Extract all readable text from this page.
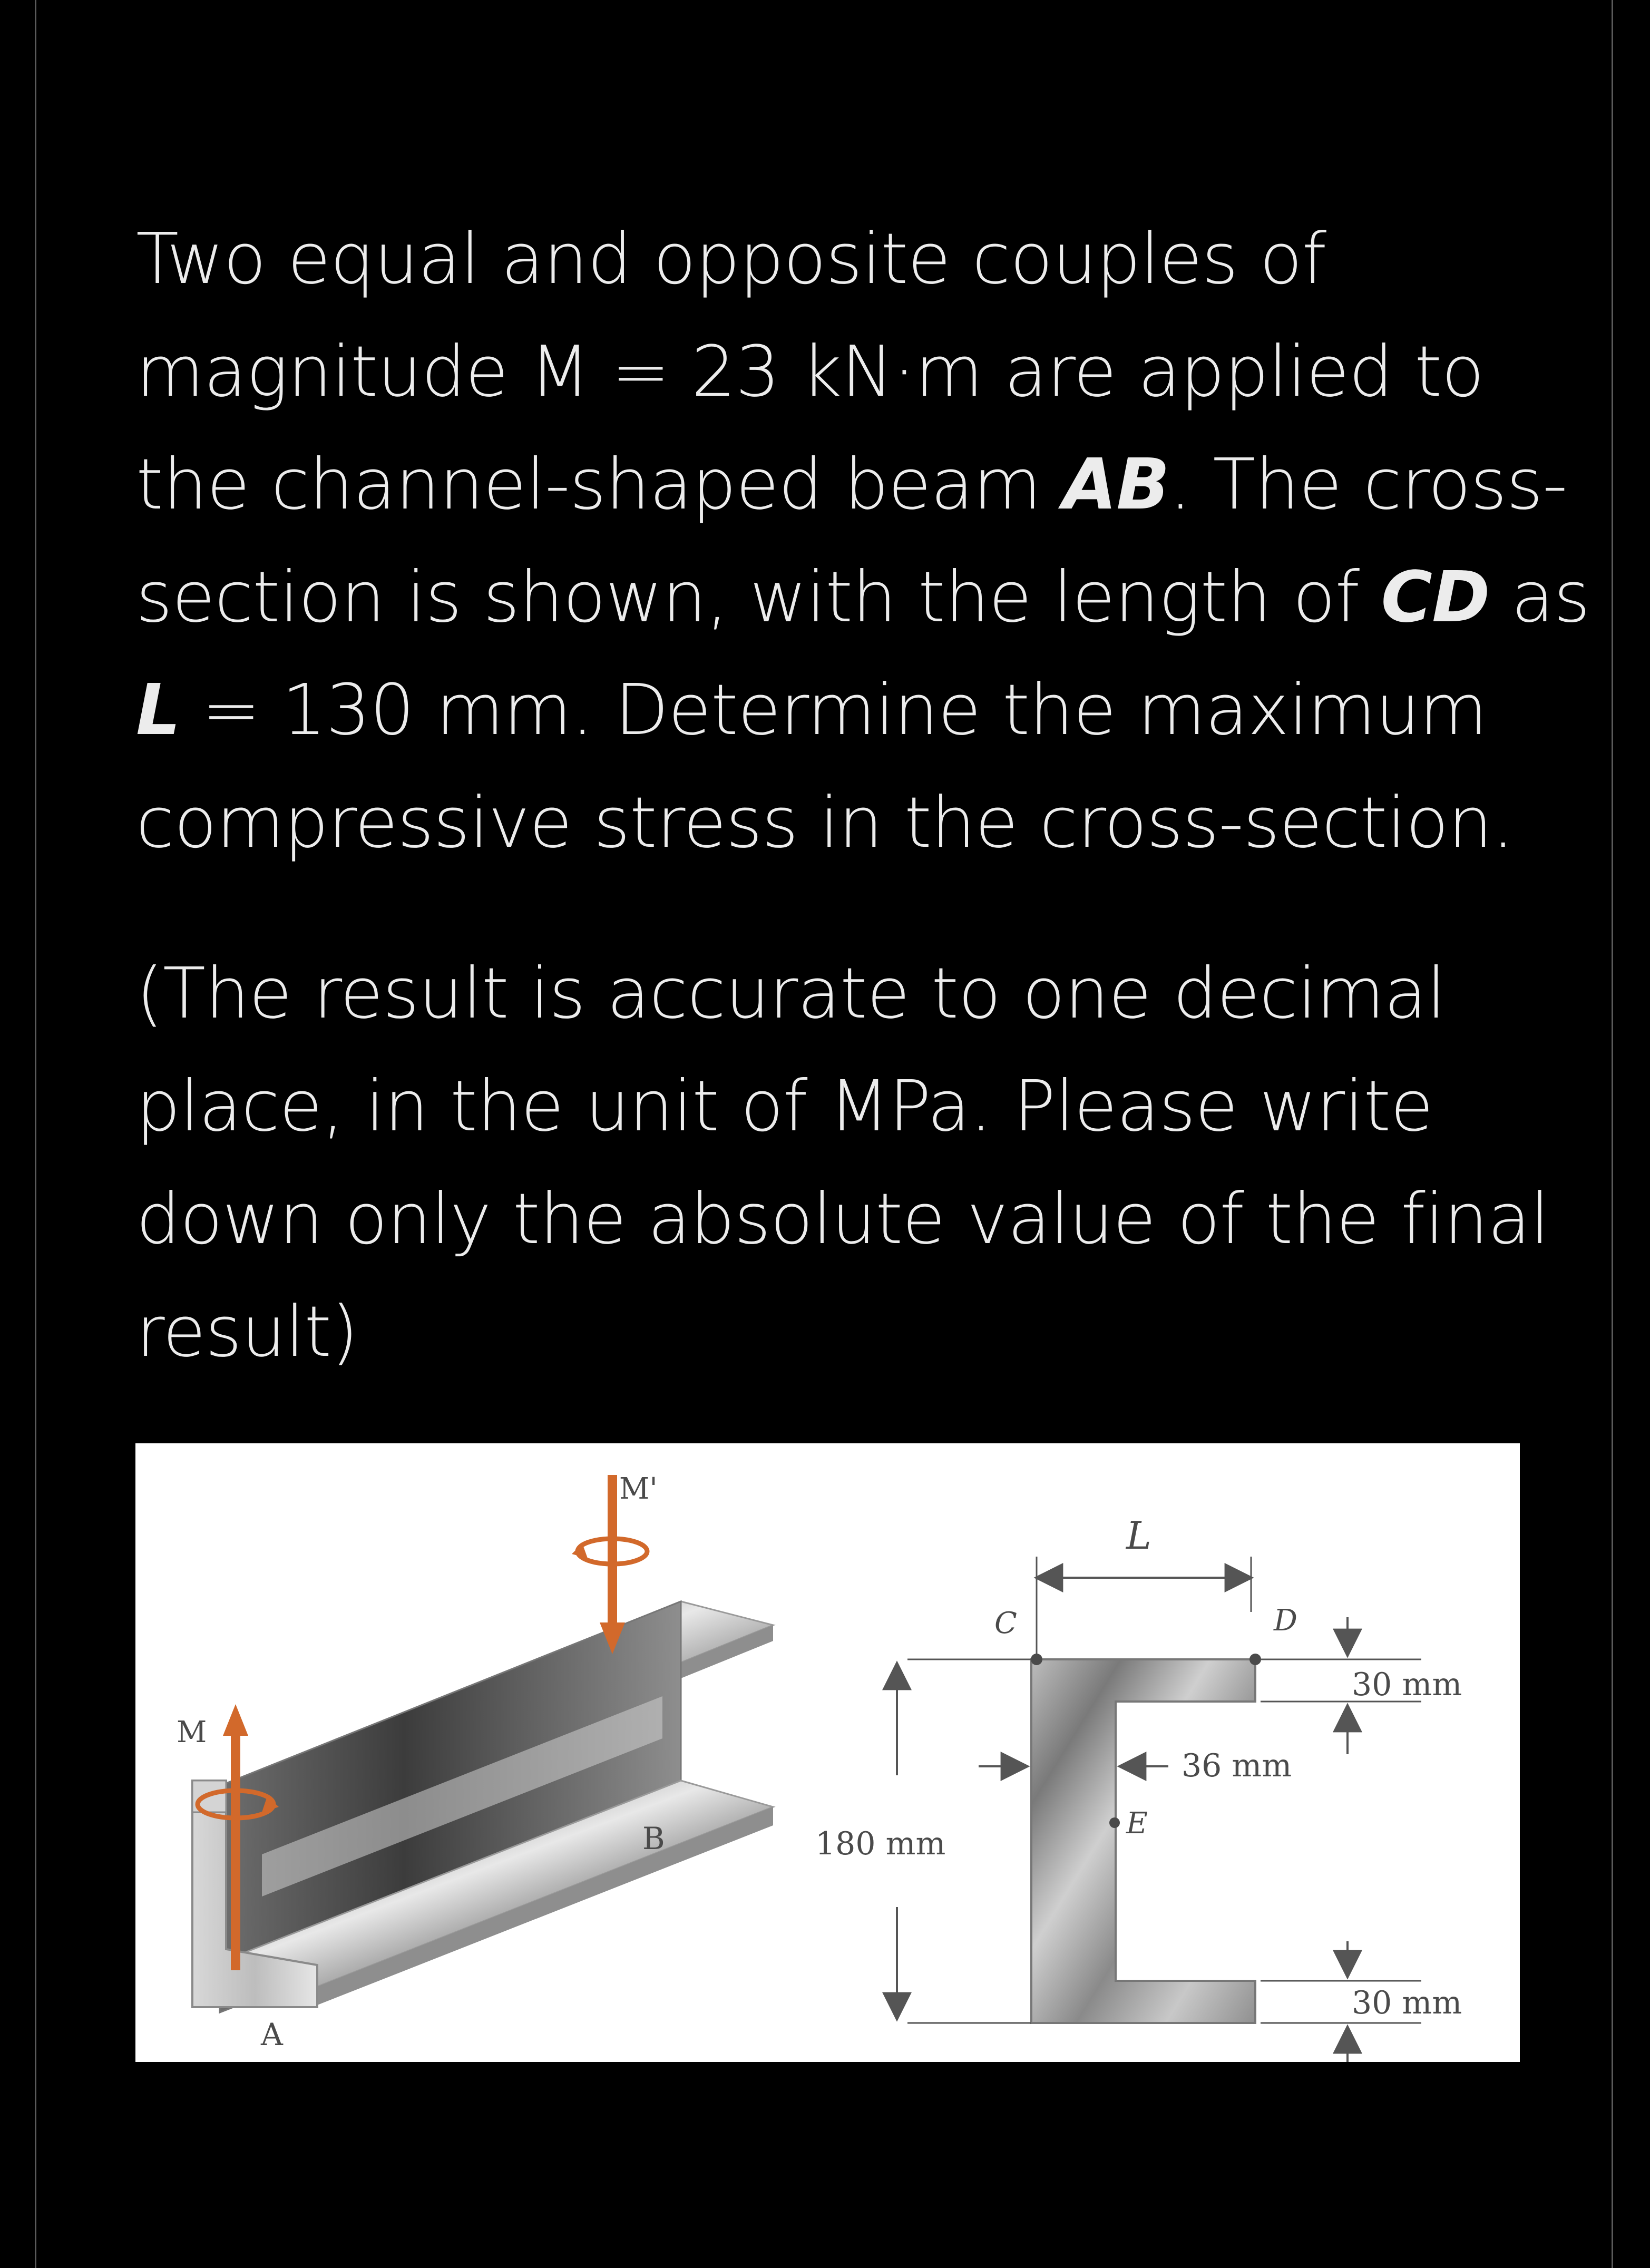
Two equal and opposite couples of
magnitude M = 23 kN·m are applied to
the channel-shaped beam AB. The cross-
section is shown, with the length of CD as
L = 130 mm. Determine the maximum
compressive stress in the cross-section.

(The result is accurate to one decimal
place, in the unit of MPa. Please write
down only the absolute value of the final
result)

M
M'
A
B
L
C	D
E
180 mm
36 mm
30 mm
30 mm
